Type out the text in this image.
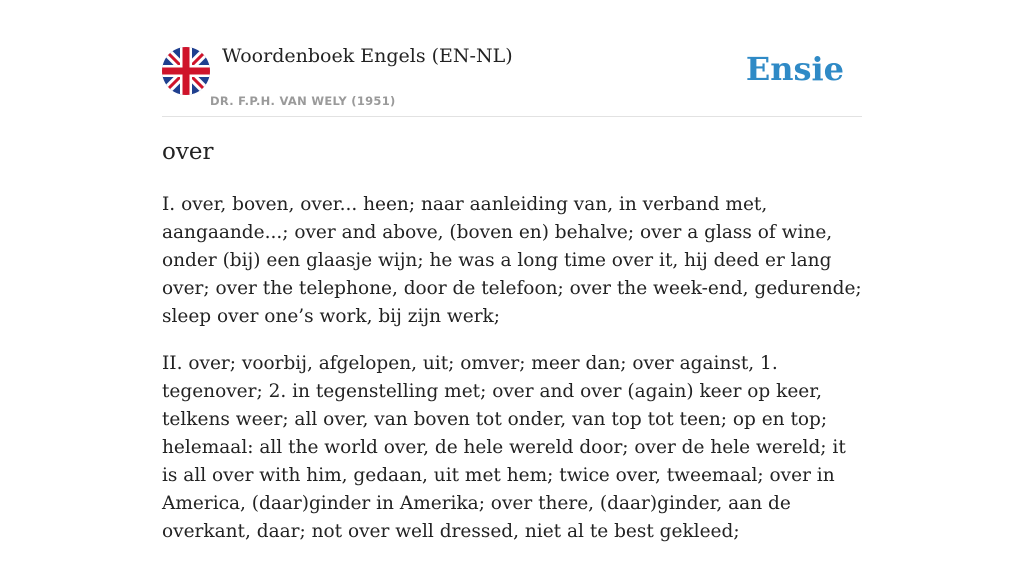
Woordenboek Engels (EN-NL)
DR. F.P.H. VAN WELY (1951)
Ensie
over

I. over, boven, over... heen; naar aanleiding van, in verband met, aangaande...; over and above, (boven en) behalve; over a glass of wine, onder (bij) een glaasje wijn; he was a long time over it, hij deed er lang over; over the telephone, door de telefoon; over the week-end, gedurende; sleep over one’s work, bij zijn werk;

II. over; voorbij, afgelopen, uit; omver; meer dan; over against, 1. tegenover; 2. in tegenstelling met; over and over (again) keer op keer, telkens weer; all over, van boven tot onder, van top tot teen; op en top; helemaal: all the world over, de hele wereld door; over de hele wereld; it is all over with him, gedaan, uit met hem; twice over, tweemaal; over in America, (daar)ginder in Amerika; over there, (daar)ginder, aan de overkant, daar; not over well dressed, niet al te best gekleed;
